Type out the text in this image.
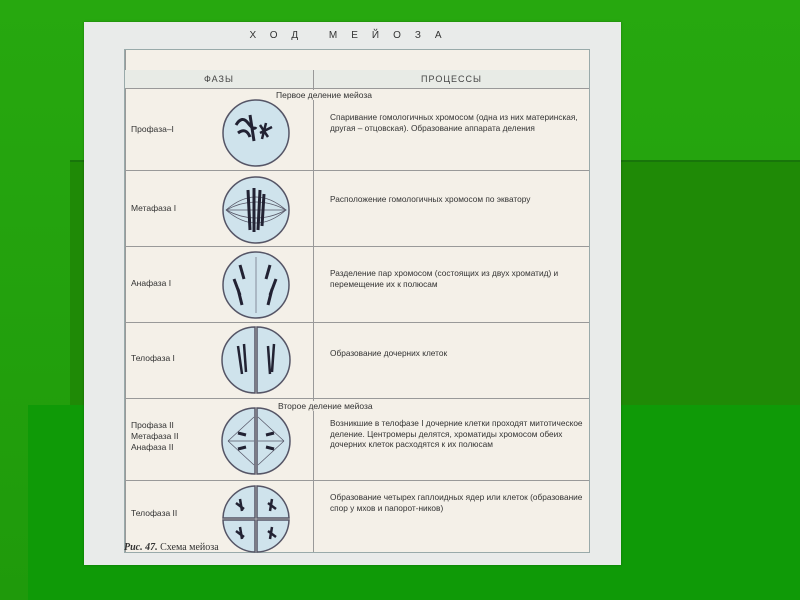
ХОД МЕЙОЗА
ФАЗЫ	ПРОЦЕССЫ
Первое деление мейоза
Второе деление мейоза
Профаза–I
Метафаза I
Анафаза I
Телофаза I
Профаза II
Метафаза II
Анафаза II
Телофаза II
Спаривание гомологичных хромосом (одна из них материнская, другая – отцовская). Образование аппарата деления
Расположение гомологичных хромосом по экватору
Разделение пар хромосом (состоящих из двух хроматид) и перемещение их к полюсам
Образование дочерних клеток
Возникшие в телофазе I дочерние клетки проходят митотическое деление. Центромеры делятся, хроматиды хромосом обеих дочерних клеток расходятся к их полюсам
Образование четырех гаплоидных ядер или клеток (образование спор у мхов и папорот-ников)
Рис. 47. Схема мейоза
